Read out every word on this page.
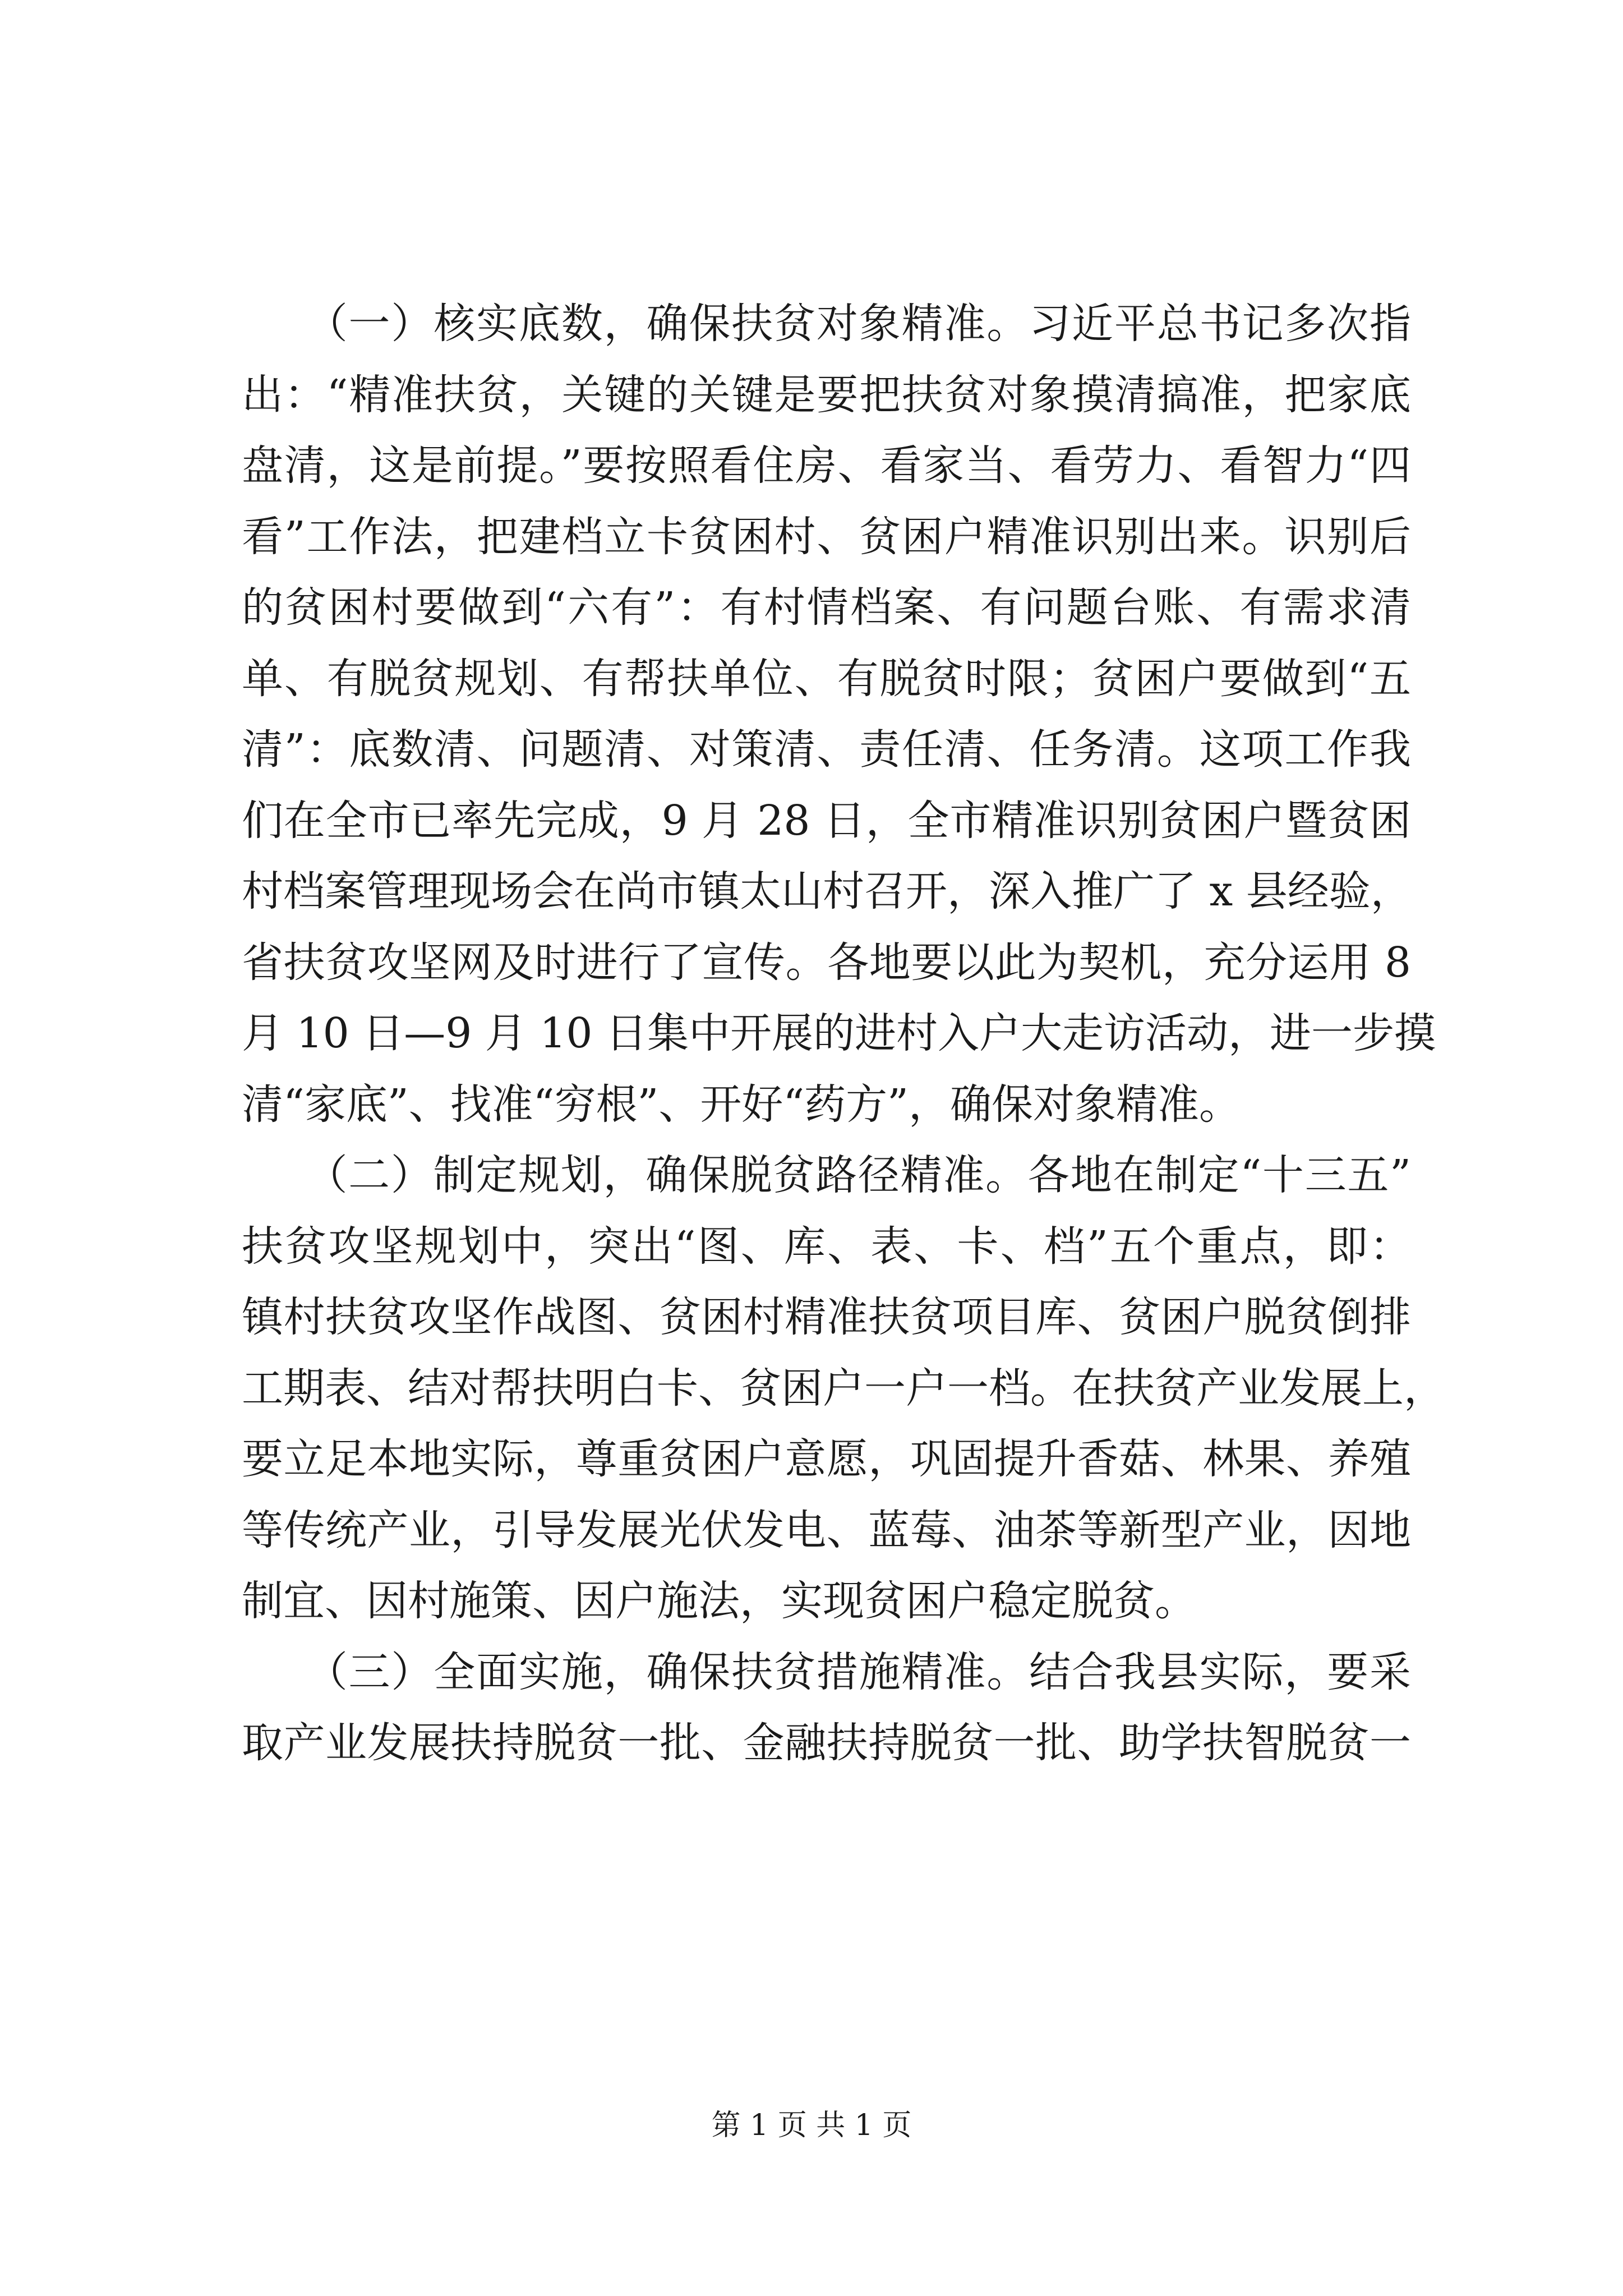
　　（一）核实底数，确保扶贫对象精准。习近平总书记多次指
出：“精准扶贫，关键的关键是要把扶贫对象摸清搞准，把家底
盘清，这是前提。”要按照看住房、看家当、看劳力、看智力“四
看”工作法，把建档立卡贫困村、贫困户精准识别出来。识别后
的贫困村要做到“六有”：有村情档案、有问题台账、有需求清
单、有脱贫规划、有帮扶单位、有脱贫时限；贫困户要做到“五
清”：底数清、问题清、对策清、责任清、任务清。这项工作我
们在全市已率先完成，9 月 28 日，全市精准识别贫困户暨贫困
村档案管理现场会在尚市镇太山村召开，深入推广了 x 县经验，
省扶贫攻坚网及时进行了宣传。各地要以此为契机，充分运用 8
月 10 日—9 月 10 日集中开展的进村入户大走访活动，进一步摸
清“家底”、找准“穷根”、开好“药方”，确保对象精准。
　　（二）制定规划，确保脱贫路径精准。各地在制定“十三五”
扶贫攻坚规划中，突出“图、库、表、卡、档”五个重点，即：
镇村扶贫攻坚作战图、贫困村精准扶贫项目库、贫困户脱贫倒排
工期表、结对帮扶明白卡、贫困户一户一档。在扶贫产业发展上，
要立足本地实际，尊重贫困户意愿，巩固提升香菇、林果、养殖
等传统产业，引导发展光伏发电、蓝莓、油茶等新型产业，因地
制宜、因村施策、因户施法，实现贫困户稳定脱贫。
　　（三）全面实施，确保扶贫措施精准。结合我县实际，要采
取产业发展扶持脱贫一批、金融扶持脱贫一批、助学扶智脱贫一
第 1 页 共 1 页
